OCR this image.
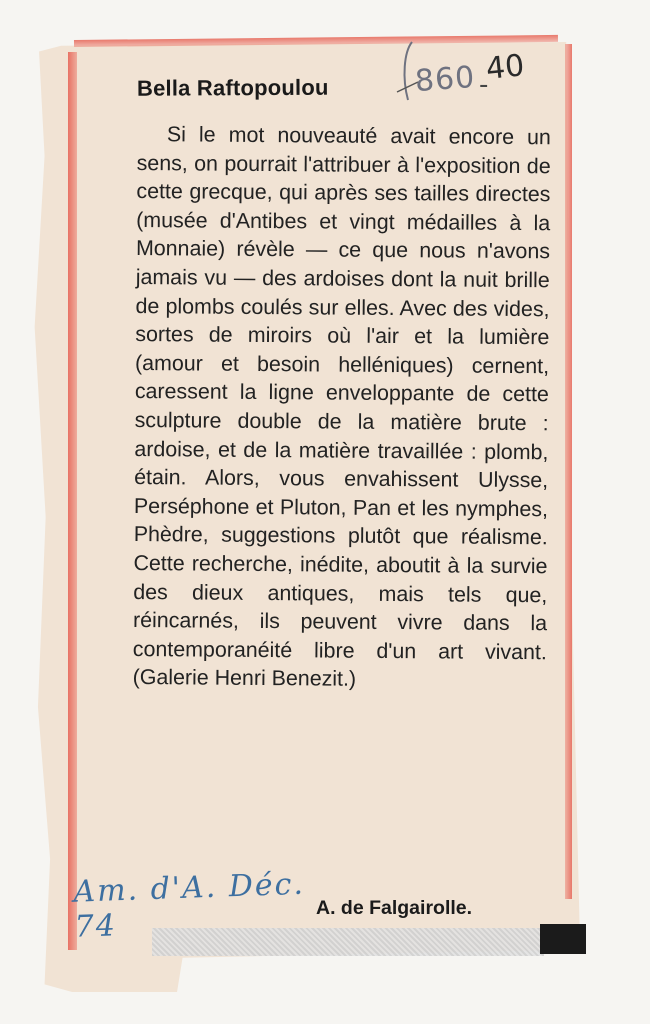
Bella Raftopoulou	860 -
40
Si le mot nouveauté avait encore un sens, on pourrait l'attribuer à l'exposition de cette grecque, qui après ses tailles directes (musée d'Antibes et vingt médailles à la Monnaie) révèle — ce que nous n'avons jamais vu — des ardoises dont la nuit brille de plombs coulés sur elles. Avec des vides, sortes de miroirs où l'air et la lumière (amour et besoin helléniques) cernent, caressent la ligne enveloppante de cette sculpture double de la matière brute : ardoise, et de la matière travaillée : plomb, étain. Alors, vous envahissent Ulysse, Perséphone et Pluton, Pan et les nymphes, Phèdre, suggestions plutôt que réalisme. Cette recherche, inédite, aboutit à la survie des dieux antiques, mais tels que, réincarnés, ils peuvent vivre dans la contemporanéité libre d'un art vivant. (Galerie Henri Benezit.)
Am. d'A. Déc. 74
A. de Falgairolle.
